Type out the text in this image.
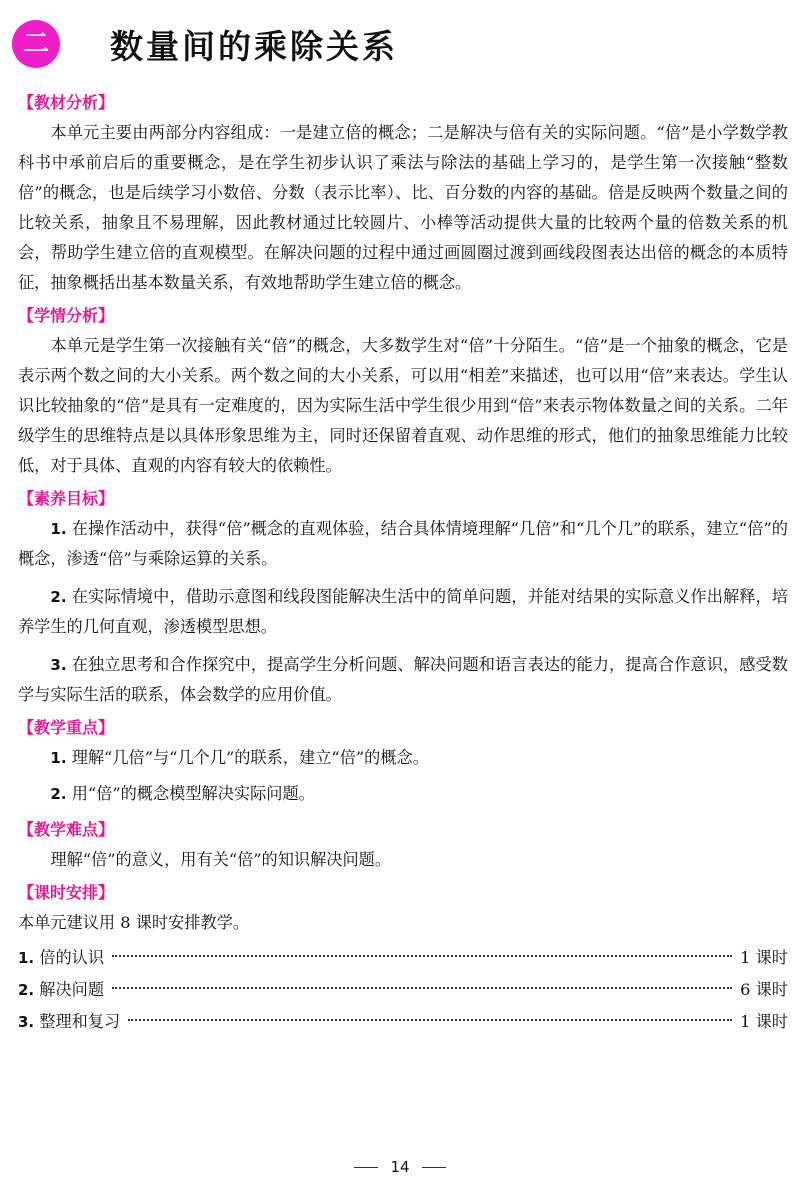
二	数量间的乘除关系
【教材分析】

本单元主要由两部分内容组成：一是建立倍的概念；二是解决与倍有关的实际问题。“倍”是小学数学教科书中承前启后的重要概念，是在学生初步认识了乘法与除法的基础上学习的，是学生第一次接触“整数倍”的概念，也是后续学习小数倍、分数（表示比率）、比、百分数的内容的基础。倍是反映两个数量之间的比较关系，抽象且不易理解，因此教材通过比较圆片、小棒等活动提供大量的比较两个量的倍数关系的机会，帮助学生建立倍的直观模型。在解决问题的过程中通过画圆圈过渡到画线段图表达出倍的概念的本质特征，抽象概括出基本数量关系，有效地帮助学生建立倍的概念。

【学情分析】

本单元是学生第一次接触有关“倍”的概念，大多数学生对“倍”十分陌生。“倍”是一个抽象的概念，它是表示两个数之间的大小关系。两个数之间的大小关系，可以用“相差”来描述，也可以用“倍”来表达。学生认识比较抽象的“倍”是具有一定难度的，因为实际生活中学生很少用到“倍”来表示物体数量之间的关系。二年级学生的思维特点是以具体形象思维为主，同时还保留着直观、动作思维的形式，他们的抽象思维能力比较低，对于具体、直观的内容有较大的依赖性。

【素养目标】

1. 在操作活动中，获得“倍”概念的直观体验，结合具体情境理解“几倍”和“几个几”的联系，建立“倍”的概念，渗透“倍”与乘除运算的关系。

2. 在实际情境中，借助示意图和线段图能解决生活中的简单问题，并能对结果的实际意义作出解释，培养学生的几何直观，渗透模型思想。

3. 在独立思考和合作探究中，提高学生分析问题、解决问题和语言表达的能力，提高合作意识，感受数学与实际生活的联系，体会数学的应用价值。

【教学重点】

1. 理解“几倍”与“几个几”的联系，建立“倍”的概念。

2. 用“倍”的概念模型解决实际问题。

【教学难点】

理解“倍”的意义，用有关“倍”的知识解决问题。

【课时安排】

本单元建议用 8 课时安排教学。

1. 倍的认识	1 课时
2. 解决问题	6 课时
3. 整理和复习	1 课时
14
